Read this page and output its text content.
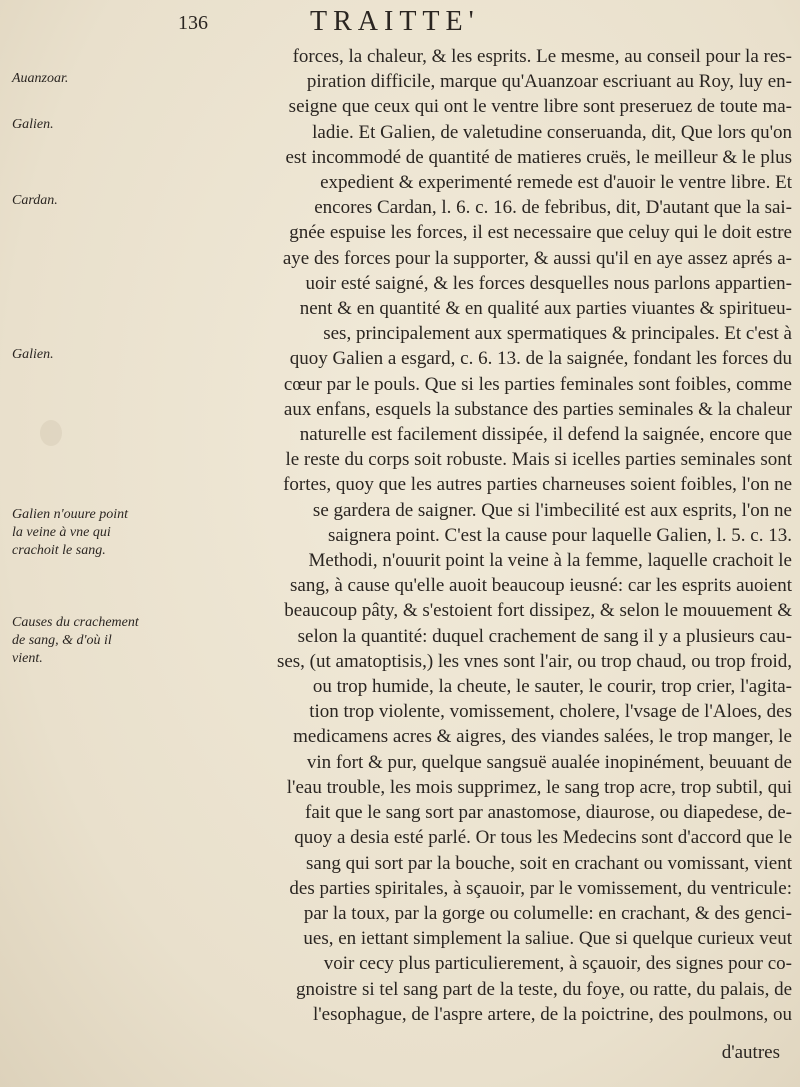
136	TRAITTE'
Auanzoar.
Galien.
Cardan.
Galien.
Galien n'ouure point la veine à vne qui crachoit le sang.
Causes du crachement de sang, & d'où il vient.
forces, la chaleur, & les esprits. Le mesme, au conseil pour la res-
piration difficile, marque qu'Auanzoar escriuant au Roy, luy en-
seigne que ceux qui ont le ventre libre sont preseruez de toute ma-
ladie. Et Galien, de valetudine conseruanda, dit, Que lors qu'on
est incommodé de quantité de matieres cruës, le meilleur & le plus
expedient & experimenté remede est d'auoir le ventre libre. Et
encores Cardan, l. 6. c. 16. de febribus, dit, D'autant que la sai-
gnée espuise les forces, il est necessaire que celuy qui le doit estre
aye des forces pour la supporter, & aussi qu'il en aye assez aprés a-
uoir esté saigné, & les forces desquelles nous parlons appartien-
nent & en quantité & en qualité aux parties viuantes & spiritueu-
ses, principalement aux spermatiques & principales. Et c'est à
quoy Galien a esgard, c. 6. 13. de la saignée, fondant les forces du
cœur par le pouls. Que si les parties feminales sont foibles, comme
aux enfans, esquels la substance des parties seminales & la chaleur
naturelle est facilement dissipée, il defend la saignée, encore que
le reste du corps soit robuste. Mais si icelles parties seminales sont
fortes, quoy que les autres parties charneuses soient foibles, l'on ne
se gardera de saigner. Que si l'imbecilité est aux esprits, l'on ne
saignera point. C'est la cause pour laquelle Galien, l. 5. c. 13.
Methodi, n'ouurit point la veine à la femme, laquelle crachoit le
sang, à cause qu'elle auoit beaucoup ieusné: car les esprits auoient
beaucoup pâty, & s'estoient fort dissipez, & selon le mouuement &
selon la quantité: duquel crachement de sang il y a plusieurs cau-
ses, (ut amatoptisis,) les vnes sont l'air, ou trop chaud, ou trop froid,
ou trop humide, la cheute, le sauter, le courir, trop crier, l'agita-
tion trop violente, vomissement, cholere, l'vsage de l'Aloes, des
medicamens acres & aigres, des viandes salées, le trop manger, le
vin fort & pur, quelque sangsuë aualée inopinément, beuuant de
l'eau trouble, les mois supprimez, le sang trop acre, trop subtil, qui
fait que le sang sort par anastomose, diaurose, ou diapedese, de-
quoy a desia esté parlé. Or tous les Medecins sont d'accord que le
sang qui sort par la bouche, soit en crachant ou vomissant, vient
des parties spiritales, à sçauoir, par le vomissement, du ventricule:
par la toux, par la gorge ou columelle: en crachant, & des genci-
ues, en iettant simplement la saliue. Que si quelque curieux veut
voir cecy plus particulierement, à sçauoir, des signes pour co-
gnoistre si tel sang part de la teste, du foye, ou ratte, du palais, de
l'esophague, de l'aspre artere, de la poictrine, des poulmons, ou
d'autres
